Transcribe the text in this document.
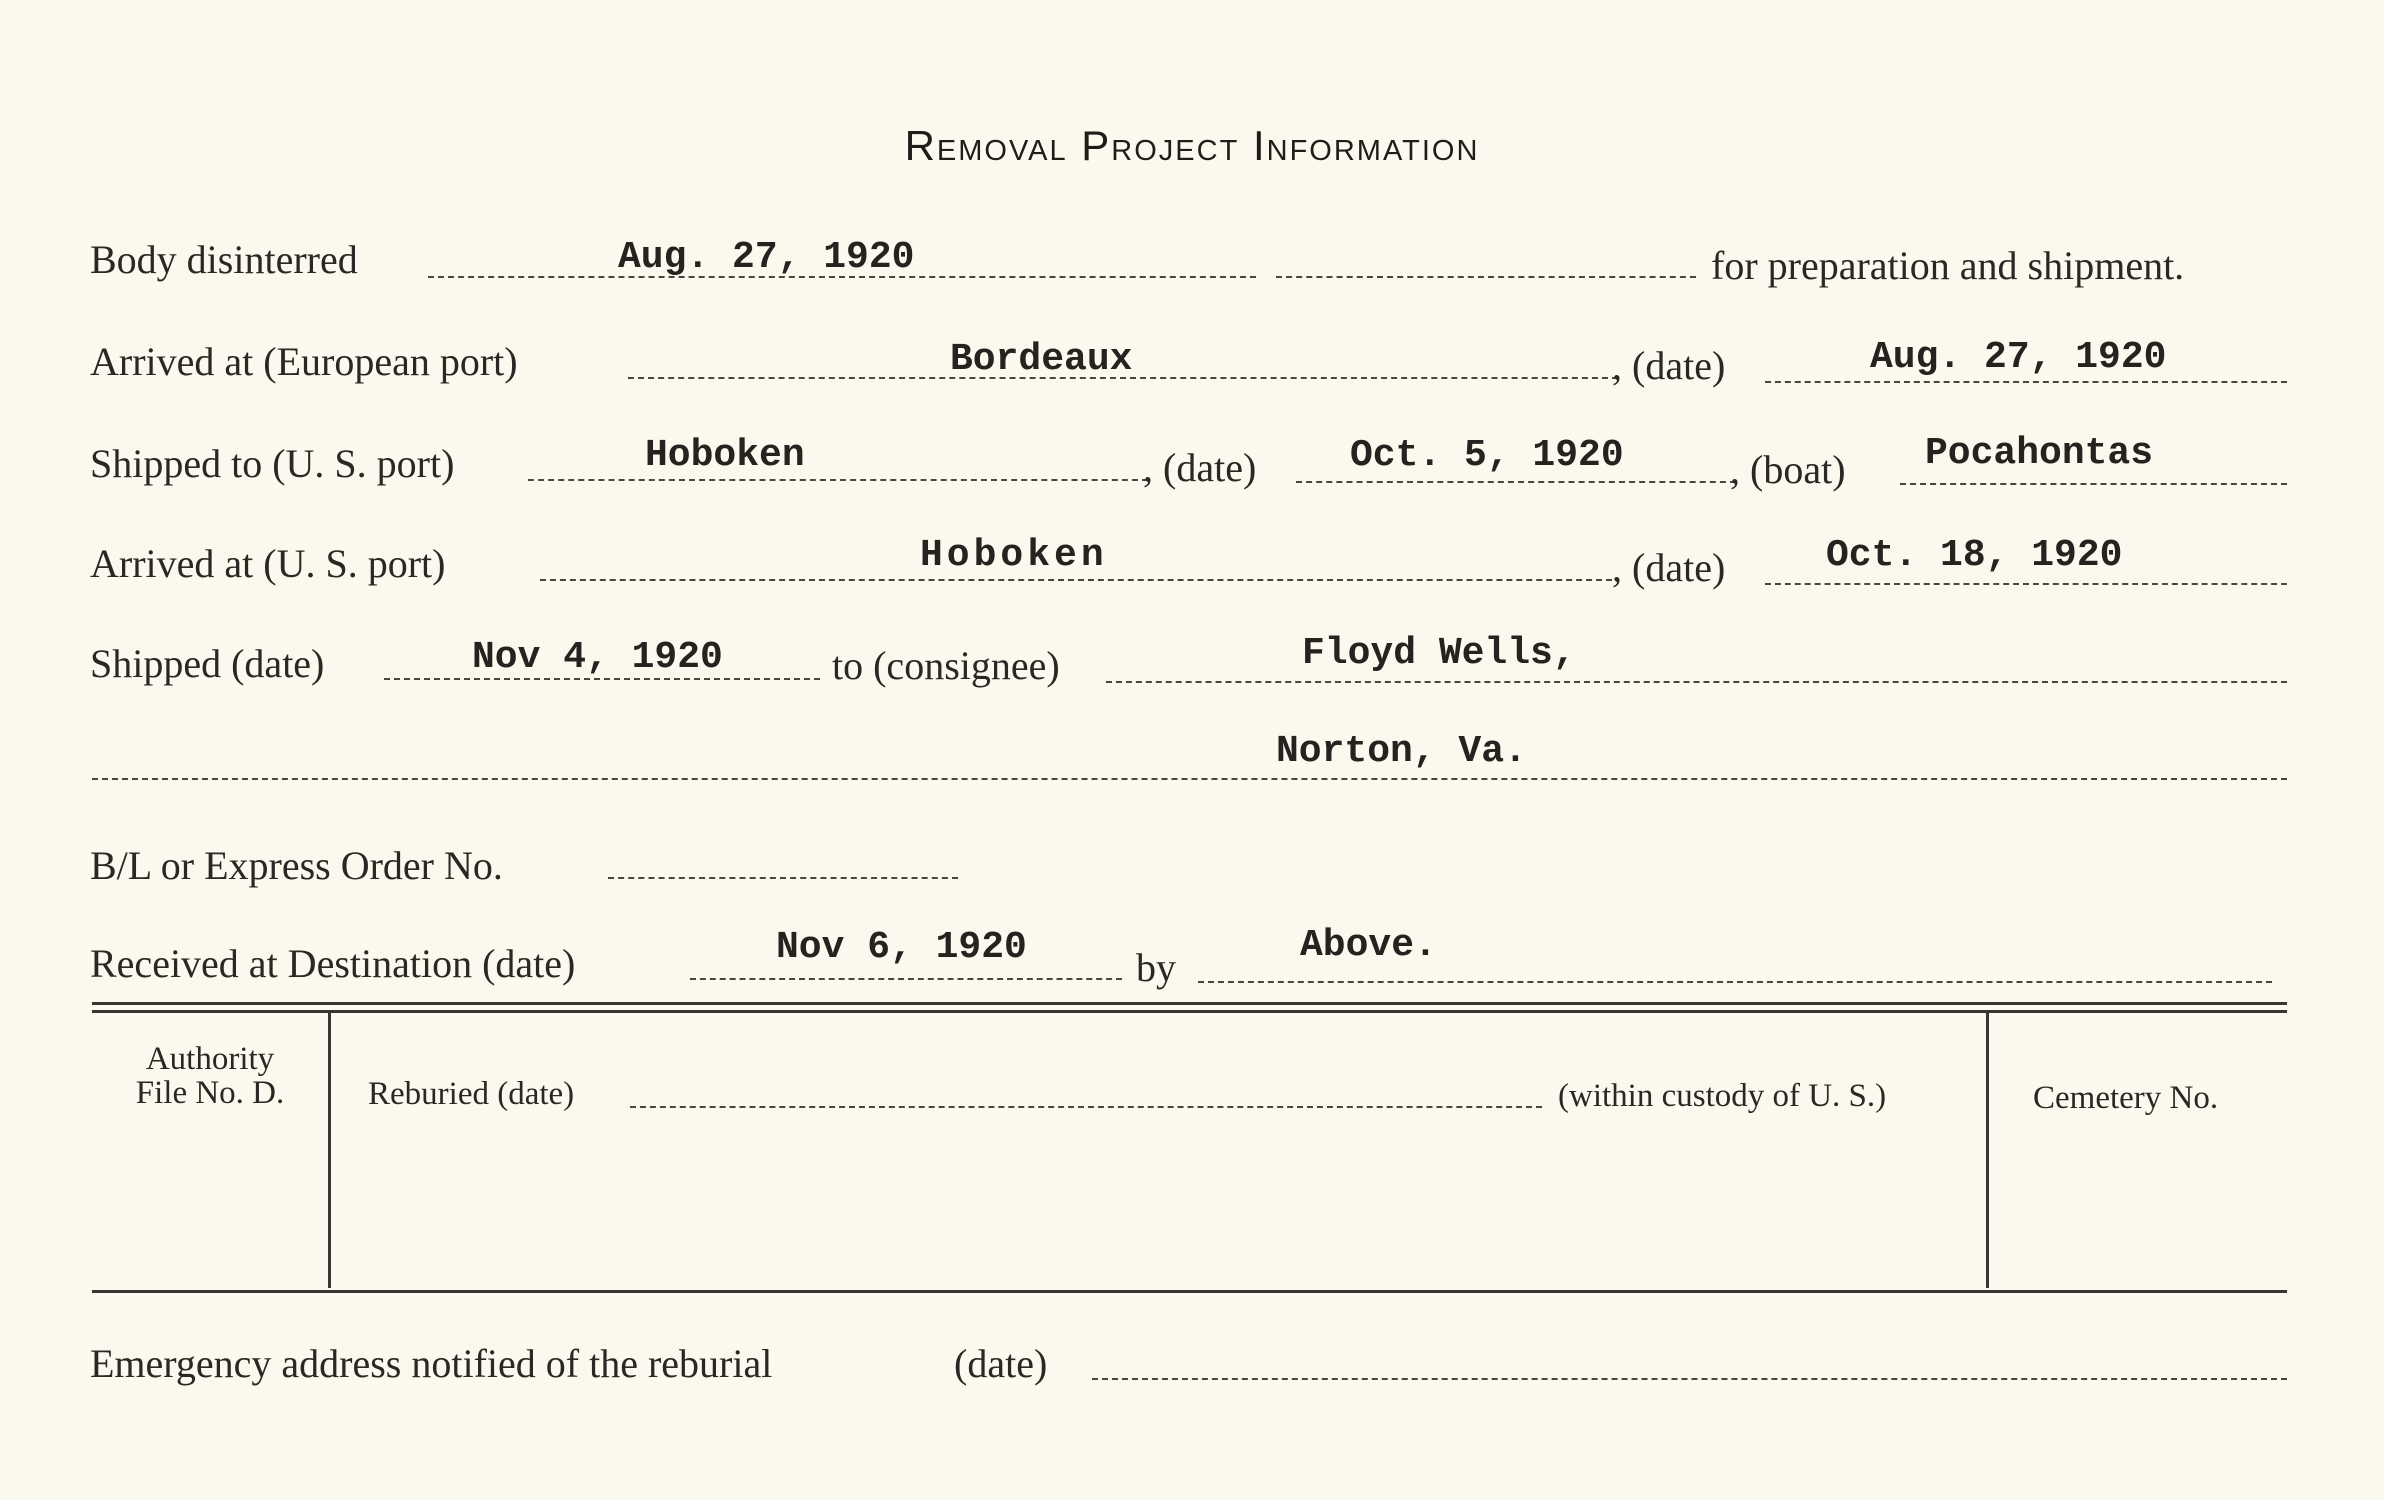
Removal Project Information
Body disinterred	Aug. 27, 1920	for preparation and shipment.
Arrived at (European port)	Bordeaux	, (date)	Aug. 27, 1920
Shipped to (U. S. port)	Hoboken	, (date) Oct. 5, 1920	, (boat) Pocahontas
Arrived at (U. S. port)	Hoboken	, (date)	Oct. 18, 1920
Shipped (date)	Nov 4, 1920	to (consignee)	Floyd Wells,
Norton, Va.
B/L or Express Order No.
Received at Destination (date)	Nov 6, 1920	by	Above.
Authority
File No. D.	Reburied (date)	(within custody of U. S.)	Cemetery No.
Emergency address notified of the reburial	(date)
